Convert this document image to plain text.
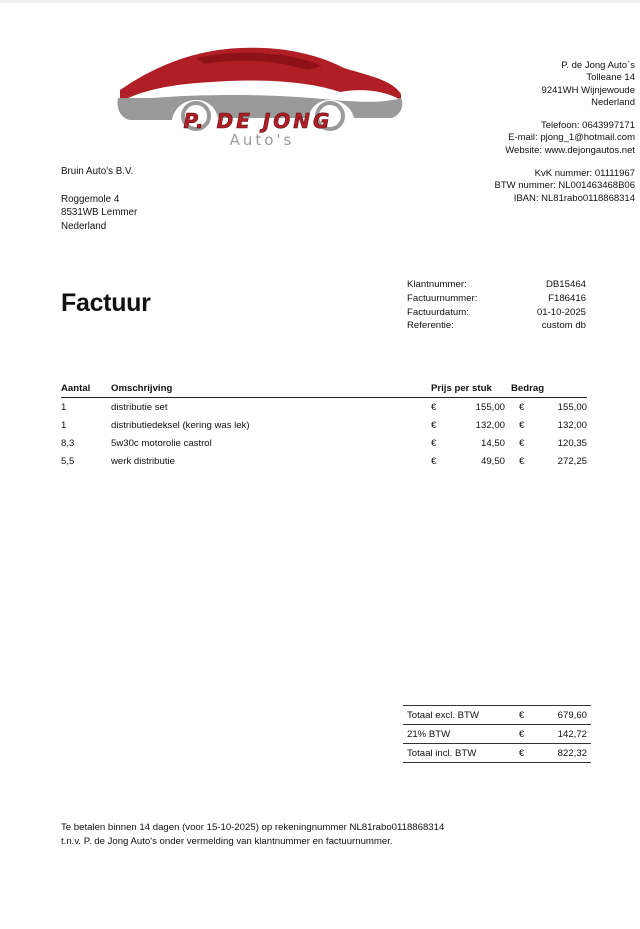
P. DE JONG
Auto's
P. de Jong Auto´s
Tolleane 14
9241WH Wijnjewoude
Nederland
Telefoon: 0643997171
E-mail: pjong_1@hotmail.com
Website: www.dejongautos.net
KvK nummer: 01111967
BTW nummer: NL001463468B06
IBAN: NL81rabo0118868314
Bruin Auto's B.V.
Roggemole 4
8531WB Lemmer
Nederland
Factuur
Klantnummer:	DB15464
Factuurnummer:	F186416
Factuurdatum:	01-10-2025
Referentie:	custom db
Aantal	Omschrijving	Prijs per stuk		Bedrag	
1	distributie set	€	155,00	€	155,00
1	distributiedeksel (kering was lek)	€	132,00	€	132,00
8,3	5w30c motorolie castrol	€	14,50	€	120,35
5,5	werk distributie	€	49,50	€	272,25
Totaal excl. BTW	€	679,60
21% BTW	€	142,72
Totaal incl. BTW	€	822,32
Te betalen binnen 14 dagen (voor 15-10-2025) op rekeningnummer NL81rabo0118868314
t.n.v. P. de Jong Auto's onder vermelding van klantnummer en factuurnummer.
